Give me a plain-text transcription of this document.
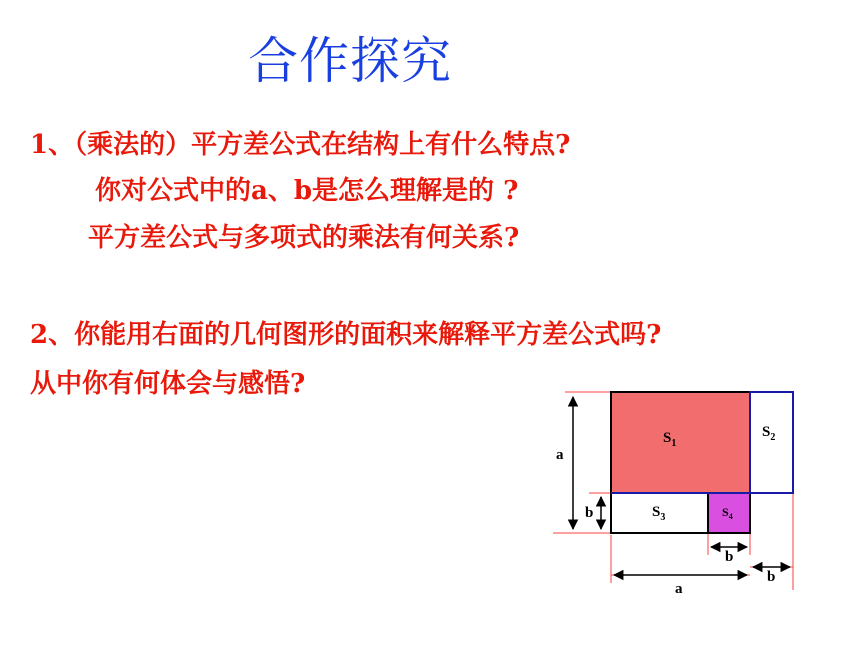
合作探究
1、（乘法的）平方差公式在结构上有什么特点?
你对公式中的a、b是怎么理解是的 ?
平方差公式与多项式的乘法有何关系?
2、你能用右面的几何图形的面积来解释平方差公式吗?
从中你有何体会与感悟?
$S_1$
$S_2$
$S_3$	$S_4$
a
b
b
b
a
